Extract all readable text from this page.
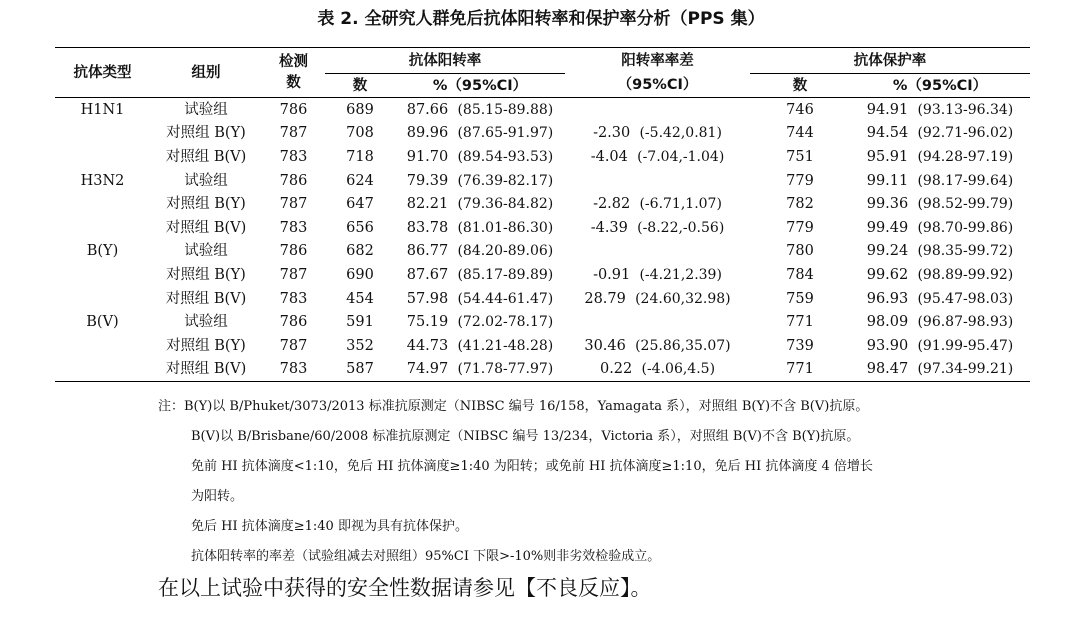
表 2. 全研究人群免后抗体阳转率和保护率分析（PPS 集）
抗体类型	组别	检测
数	抗体阳转率		阳转率率差	抗体保护率	
			数	%（95%CI）	（95%CI）	数	%（95%CI）
H1N1	试验组	786	689	87.66 (85.15-89.88)		746	94.91 (93.13-96.34)
	对照组 B(Y)	787	708	89.96 (87.65-91.97)	-2.30 (-5.42,0.81)	744	94.54 (92.71-96.02)
	对照组 B(V)	783	718	91.70 (89.54-93.53)	-4.04 (-7.04,-1.04)	751	95.91 (94.28-97.19)
H3N2	试验组	786	624	79.39 (76.39-82.17)		779	99.11 (98.17-99.64)
	对照组 B(Y)	787	647	82.21 (79.36-84.82)	-2.82 (-6.71,1.07)	782	99.36 (98.52-99.79)
	对照组 B(V)	783	656	83.78 (81.01-86.30)	-4.39 (-8.22,-0.56)	779	99.49 (98.70-99.86)
B(Y)	试验组	786	682	86.77 (84.20-89.06)		780	99.24 (98.35-99.72)
	对照组 B(Y)	787	690	87.67 (85.17-89.89)	-0.91 (-4.21,2.39)	784	99.62 (98.89-99.92)
	对照组 B(V)	783	454	57.98 (54.44-61.47)	28.79 (24.60,32.98)	759	96.93 (95.47-98.03)
B(V)	试验组	786	591	75.19 (72.02-78.17)		771	98.09 (96.87-98.93)
	对照组 B(Y)	787	352	44.73 (41.21-48.28)	30.46 (25.86,35.07)	739	93.90 (91.99-95.47)
	对照组 B(V)	783	587	74.97 (71.78-77.97)	0.22 (-4.06,4.5)	771	98.47 (97.34-99.21)
注：B(Y)以 B/Phuket/3073/2013 标准抗原测定（NIBSC 编号 16/158，Yamagata 系），对照组 B(Y)不含 B(V)抗原。
B(V)以 B/Brisbane/60/2008 标准抗原测定（NIBSC 编号 13/234，Victoria 系），对照组 B(V)不含 B(Y)抗原。
免前 HI 抗体滴度<1:10，免后 HI 抗体滴度≥1:40 为阳转；或免前 HI 抗体滴度≥1:10，免后 HI 抗体滴度 4 倍增长
为阳转。
免后 HI 抗体滴度≥1:40 即视为具有抗体保护。
抗体阳转率的率差（试验组减去对照组）95%CI 下限>-10%则非劣效检验成立。
在以上试验中获得的安全性数据请参见【不良反应】。
